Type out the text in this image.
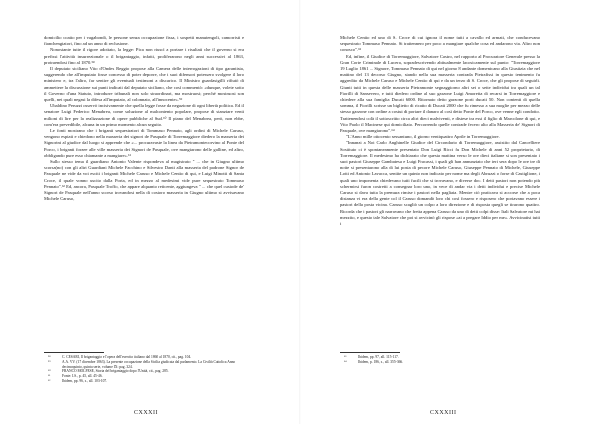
domicilio coatto per i vagabondi, le persone senza occupazione fissa, i sospetti manutengoli, camorristi e fianchengiatori, fino ad un anno di reclusione.

Nonostante tutte il rigore adottato, la legge: Pica non riuscì a portare i risultati che il governo si era prefissi l'attività insurrezionale o il brigantaggio, infatti, proliferarono negli anni successivi al 1863, protraendosi fino al 1870.⁵⁸

Il deputato siciliano Vito d'Ondes Reggio propose alla Camera delle interrogazioni di tipo garantista, suggerendo che all'imputato fosse concesso di poter deporre, che i suoi difensori potessero svolgere il loro ministero e, tra l'altro, far sentire gli eventuali testimoni a discarico. Il Ministro guardasigilli rifiutò di ammettere la discussione sui punti indicati dal deputato siciliano, che così commentò: «dunque, volete sotto il Governo d'una Statuto, introdurre tribunali non solo straordinari, ma mostruosi; perché mostruosi son quelli, nei quali negasi la difesa all'imputato, al colonnato, all'innocente».⁵⁹

Ubaldino Peruzzi osservò incisivamente che quella legge fosse da negazione di ogni libertà politica. Ed il senatore Luigi Federico Menabrea, come soluzione al malcontento popolare, propose di stanziare venti milioni di lire per la realizzazione di opere pubbliche al Sud.⁶⁰ Il piano del Menabrea, però, non ebbe, com'era prevedibile, alcuna in un primo momento alcun seguito.

Le fonti mostrano che i briganti sequestratori di Tommaso Pennato, agli ordini di Michele Caruso, vengono espiati e chiedono nella masseria dei signori de Pasquale di Torremaggiore diedero la masseria dei Signorini al giudice dal luogo si apprende che «... procuravaste la linea da Pietramontecorvino al Ponte del Porco, i briganti forzee alle ville masseria dei Signori de Pasquale, ove mangiarono delle galline, ed altro, obbligando pure esso chiamante a mangiare».⁶¹

Sullo stesso tema il guardiano Antonio Valente rispondeva al magistrato " ... che in Giugno ultimo scorsa(no) con gli altri Guardiani Michele Facchino e Silvestro Danti alla masseria del padrone Signor de Pasquale ne vide da voi esciti i briganti Michele Caruso e Michele Centio di qui, e Luigi Minotti di Santa Croce, il quale vonno uscito dalla Porta, ed in mezzo al medesimi vide pure sequestrato Tommaso Pennato".⁶² Ed, ancora, Pasquale Troffo, che appare alquanto reticente, aggiungeva " ... che quel custode de' Signori de Pasquale nell'anno scorso trovandosi nella di costoro masseria in Giugno ultimo si avvisavano Michele Caruso,

⁵⁸	C. CESARI, Il brigantaggio e l'opera dell'esercito italiano dal 1860 al 1870, cit., pag. 104.
⁵⁹	A.A. VV. (17 dicembre 1863). La presente occupazione della Sicilia giudicata dal parlamento. La Civiltà Cattolica Anno decimoquinto, quinta serie, volume IX: pag. 324.
⁶⁰	FRANCO MOLFESE, Storia del brigantaggio dopo l'Unità, cit., pag. 285.
⁶¹	Fonte: I.S., p. 45, all. 45-46.
⁶²	Ibidem, pp. 96, s., all. 103-107.
CXXXII

Michele Centio ed uno di S. Croce di cui ignora il nome tutti a cavallo ed armati, che conducevano sequestrato Tommaso Pennato. Si trattennero per poco a mangiare qualche cosa ed andarono via. Altro non conosco".⁶³

Ed, infine, il Giudice di Torremaggiore, Salvatore Castro, nel rapporto al Procuratore Generale presso la Gran Corte Criminale di Lucera, sopradescrivendo abitualmente lacosicamente sul punto: "Torremaggiore 19 Luglio 1861 ... Signore, Tommaso Pennato di qui nel giorno 8 andante domenicano alla Giustizia che nel mattino del 13 decorso Giugno, stando nella sua masseria contrada Pietrafissi in questo tenimento fu aggredito da Michele Caruso e Michele Centio di qui e da un terzo di S. Croce, che gli propose di seguirli. Giunti tutti in questa delle masseria Pietramonte segnaggiorno altri sei o sette individui tra quali un tal Fiorilli di Sansevero, e tutti diedero ordine al suo garzone Luigi Amoretta di recarsi in Torremaggiore e chiedere alla sua famiglia Ducati 6000. Ritornato detto garzone porti ducati 50. Non contenti di quella somma, il Fiorilli scrisse un biglietto di ricatto di Ducati 2000 che fu rimesso a sua moglie per mezzo delle stesso garzone con ordine a costui di portare il danaro al così detto Ponte del Porco, ove venne egli condotto. Trattenendosi colà il sottoscritto circa altri dieci malviventi, e distese tra essi il figlio di Marcolone di qui, e Vito Paolo il Macinese qui domiciliato. Percorrendo quelle contrade fecero alto alla Masseria de' Signori di Pasquale, ove mangiarono".⁶⁴

"L'Anno mille ottocento sessantuno, il giorno ventiquattro Aprile in Torremaggiore.

"Innanzi a Noi Carlo Anghinelle Giudice del Circondario di Torremaggiore, assistito dal Cancelliere Sostituto ci è spontaneamente presentato Don Luigi Ricci fu Don Michele di anni 52 proprietario, di Torremaggiore. Il medesimo ha dichiarato che questa mattina verso le ore dieci italiane si son presentato i suoi pastori Giuseppe Gambatesa e Luigi Fracassi, i quali gli han annunziato che ieri sera dopo le ore tre di notte si presentarono alla di lui posta di pecore Michele Caruso, Giuseppe Pennato di Michele, Giuseppe Lotti ed Antonio Lavacca, sentite un quinto non indicato per nome ma degli Abruzzi o forse di Castiglione, i quali uno imponenta chiedevano tutti fucili che si trovavano, e diverse doc. I detti pastori non potendo più schermirsi furon costretti a consegnar loro uno, in vece di andar via i detti individui e precise Michele Caruso si dava tutta la premura rimise i pastori nella pagliaia. Mentre ciò praticava si accorse che a poca distanza vi era della gente col il Caruso domandò loro chi così fossero e risposero che portavano essere i pastori della posta vicina. Caruso scagliò un colpo a loro direzione e di risposta quegli se tirarono quattro. Ricorda che i pastori gli narravano che fretta appena Caruso da uno di detti colpi disse: Itali Salvatore mi hai mezzito, e questo tale Salvatore che poi si avvicinò gli rispose «ai a pregare Iddio per me». Avvicinatisi tutti i

⁶³	Ibidem, pp. 97, all. 115-117.
⁶⁴	Ibidem, p. 186, s., all. 355-366.
CXXXIII
